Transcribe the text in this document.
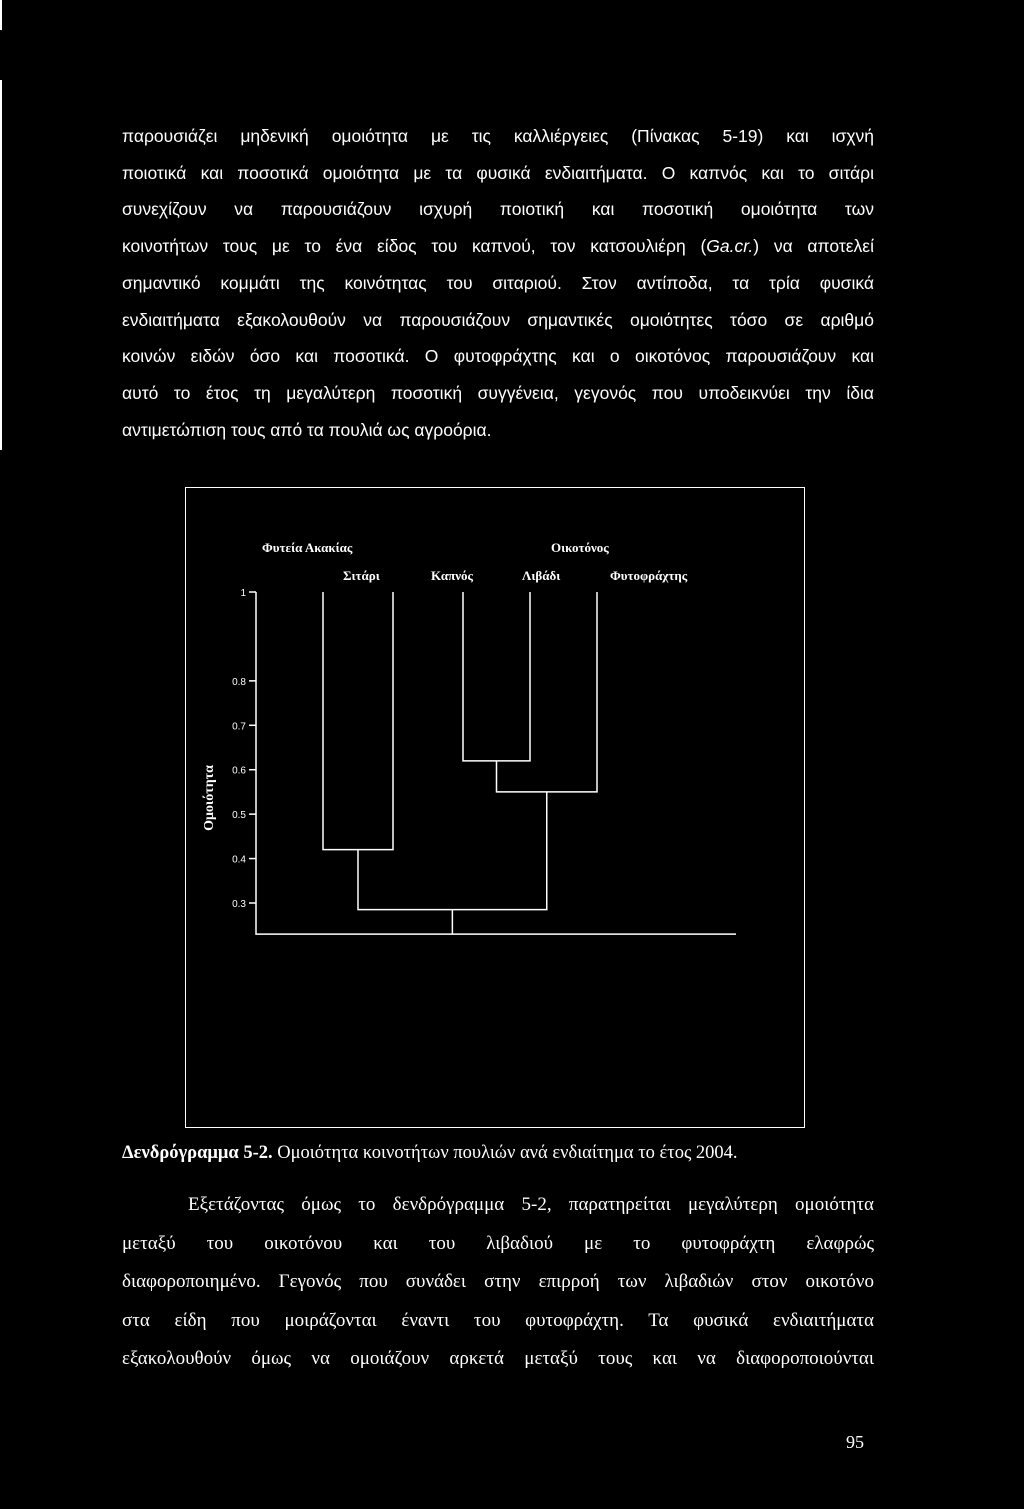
παρουσιάζει μηδενική ομοιότητα με τις καλλιέργειες (Πίνακας 5-19) και ισχνή
ποιοτικά και ποσοτικά ομοιότητα με τα φυσικά ενδιαιτήματα. Ο καπνός και το σιτάρι
συνεχίζουν να παρουσιάζουν ισχυρή ποιοτική και ποσοτική ομοιότητα των
κοινοτήτων τους με το ένα είδος του καπνού, τον κατσουλιέρη (Ga.cr.) να αποτελεί
σημαντικό κομμάτι της κοινότητας του σιταριού. Στον αντίποδα, τα τρία φυσικά
ενδιαιτήματα εξακολουθούν να παρουσιάζουν σημαντικές ομοιότητες τόσο σε αριθμό
κοινών ειδών όσο και ποσοτικά. Ο φυτοφράχτης και ο οικοτόνος παρουσιάζουν και
αυτό το έτος τη μεγαλύτερη ποσοτική συγγένεια, γεγονός που υποδεικνύει την ίδια
αντιμετώπιση τους από τα πουλιά ως αγροόρια.
Φυτεία Ακακίας	Οικοτόνος
Σιτάρι	Καπνός	Λιβάδι	Φυτοφράχτης
Ομοιότητα
1
0.8
0.7
0.6
0.5
0.4
0.3
Δενδρόγραμμα 5-2. Ομοιότητα κοινοτήτων πουλιών ανά ενδιαίτημα το έτος 2004.
Εξετάζοντας όμως το δενδρόγραμμα 5-2, παρατηρείται μεγαλύτερη ομοιότητα
μεταξύ του οικοτόνου και του λιβαδιού με το φυτοφράχτη ελαφρώς
διαφοροποιημένο. Γεγονός που συνάδει στην επιρροή των λιβαδιών στον οικοτόνο
στα είδη που μοιράζονται έναντι του φυτοφράχτη. Τα φυσικά ενδιαιτήματα
εξακολουθούν όμως να ομοιάζουν αρκετά μεταξύ τους και να διαφοροποιούνται
95
